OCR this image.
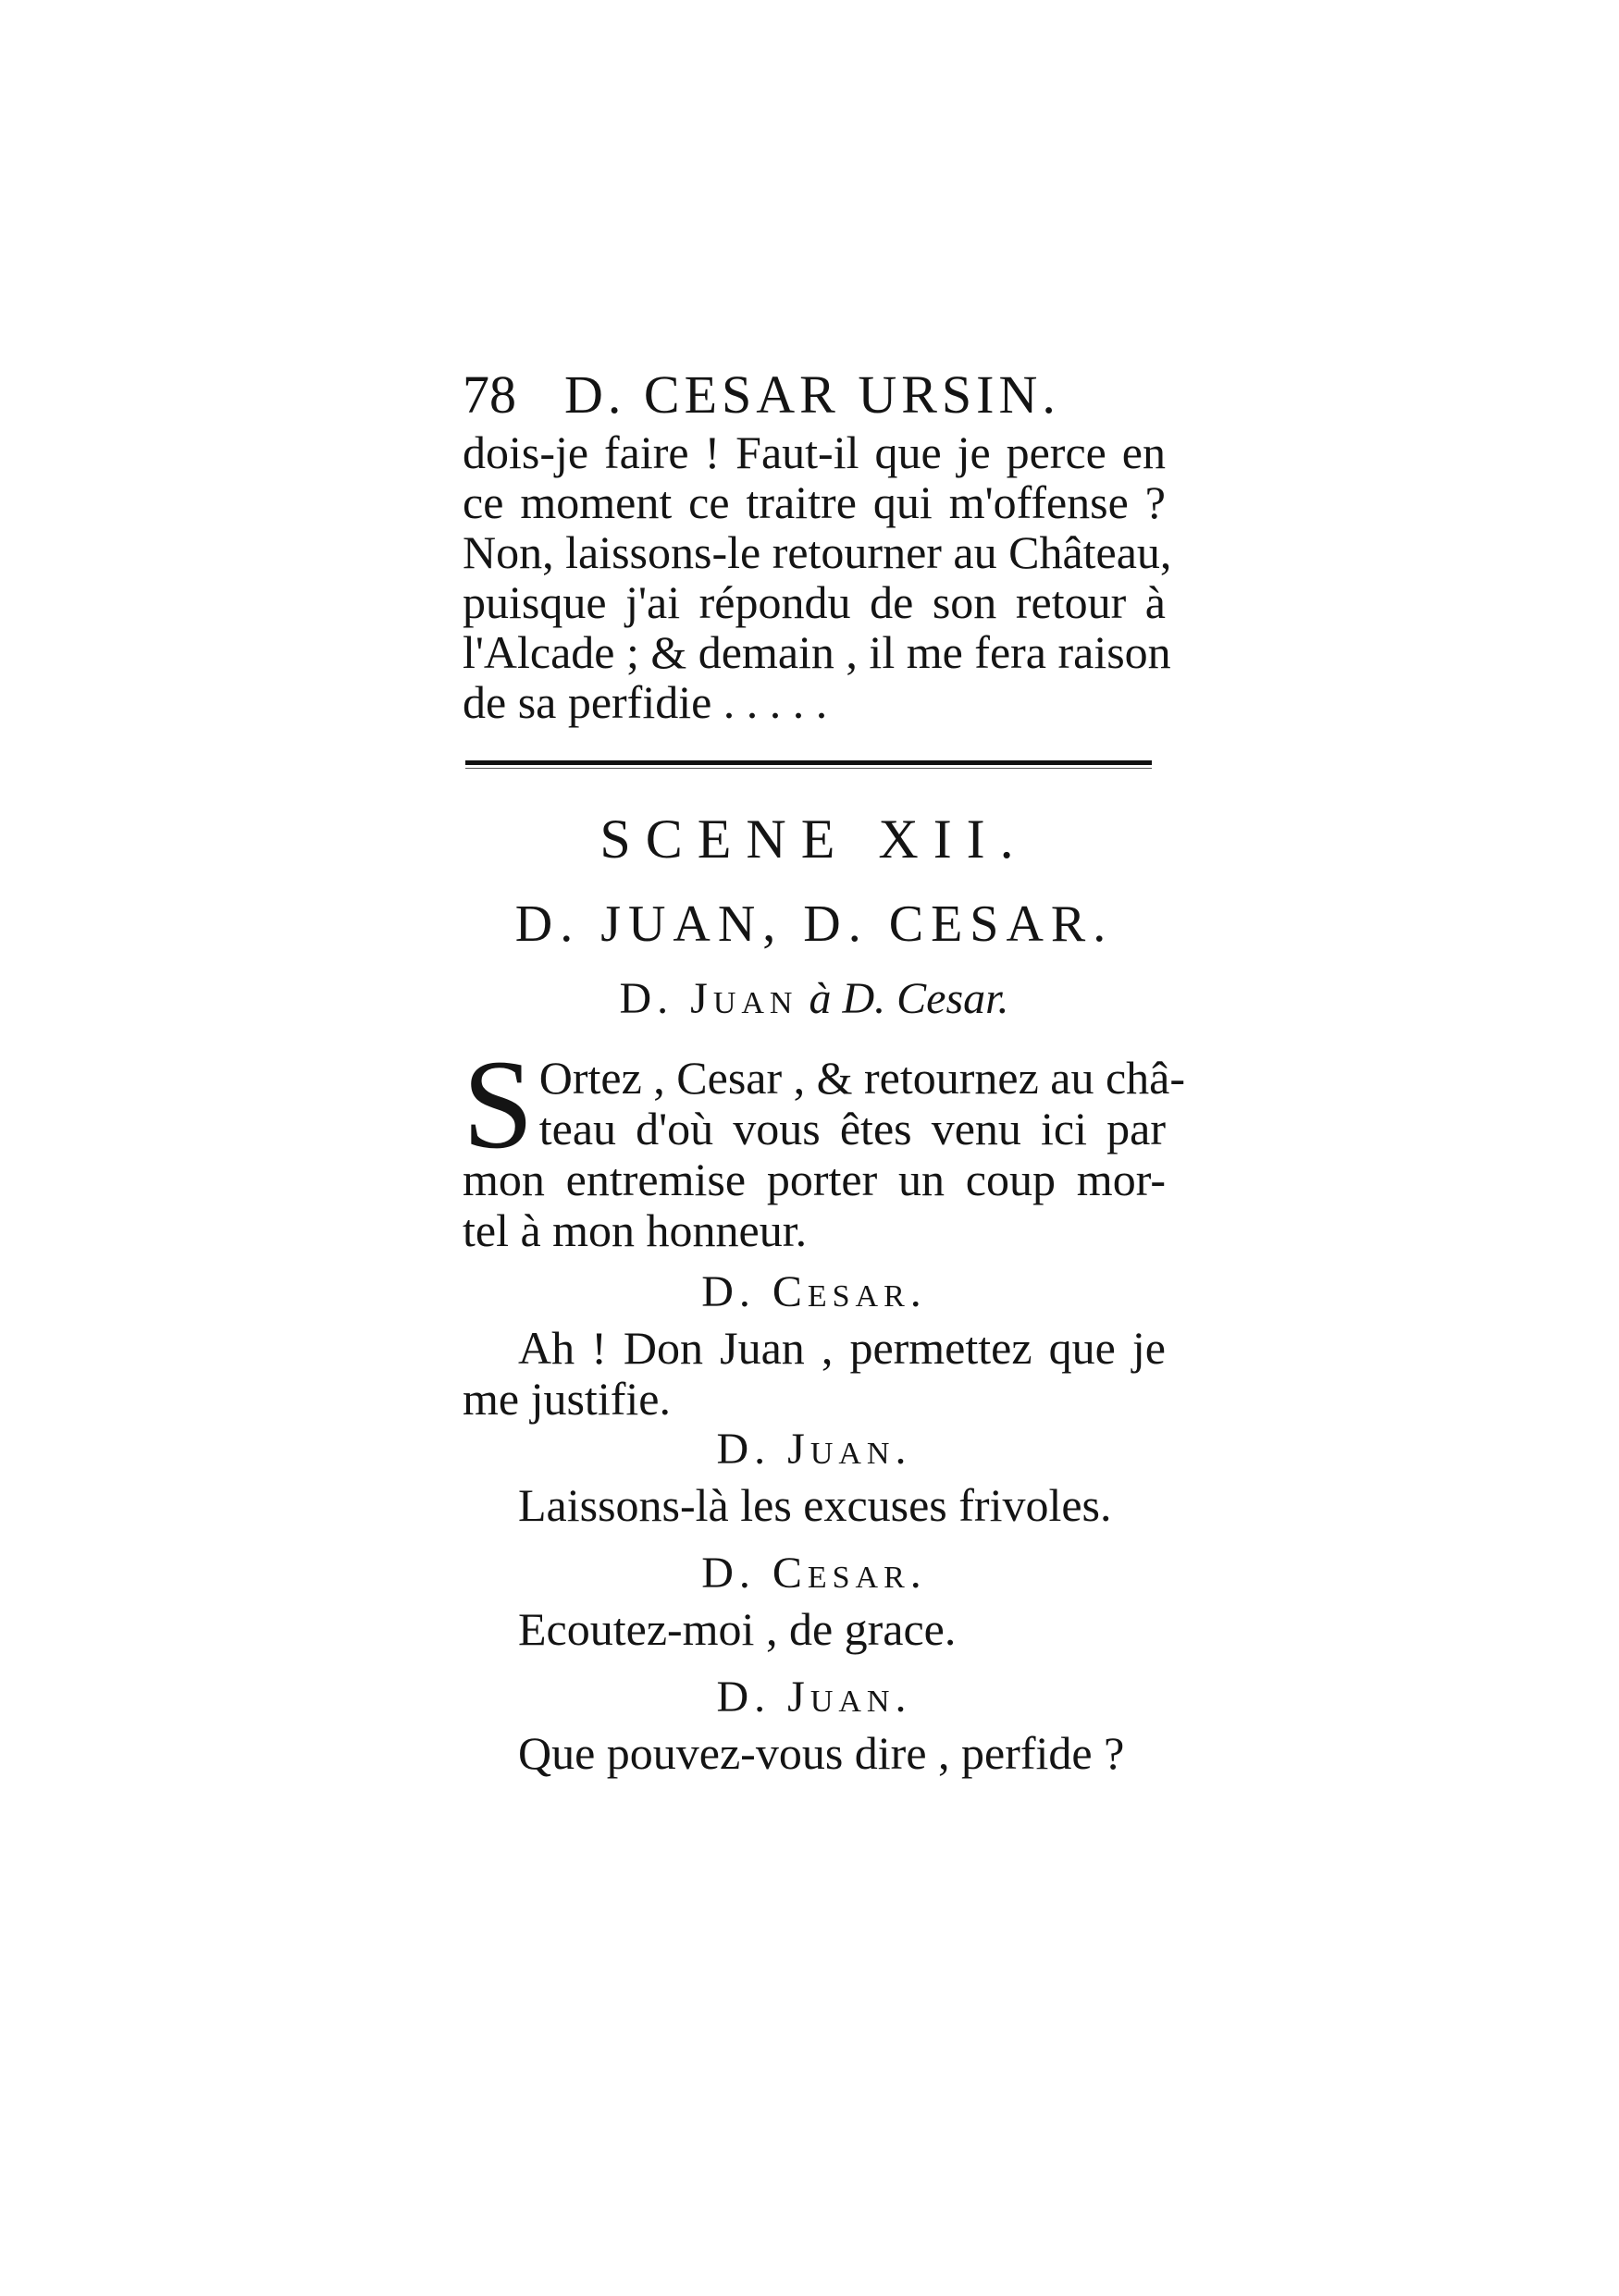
78 D. CESAR URSIN.
dois-je faire ! Faut-il que je perce en
ce moment ce traitre qui m'offense ?
Non, laissons-le retourner au Château,
puisque j'ai répondu de son retour à
l'Alcade ; & demain , il me fera raison
de sa perfidie . . . . .
SCENE XII.
D. JUAN, D. CESAR.
D. Juan à D. Cesar.
S Ortez , Cesar , & retournez au châ-
teau d'où vous êtes venu ici par
mon entremise porter un coup mor-
tel à mon honneur.
D. Cesar.
Ah ! Don Juan , permettez que je
me justifie.
D. Juan.
Laissons-là les excuses frivoles.
D. Cesar.
Ecoutez-moi , de grace.
D. Juan.
Que pouvez-vous dire , perfide ?
